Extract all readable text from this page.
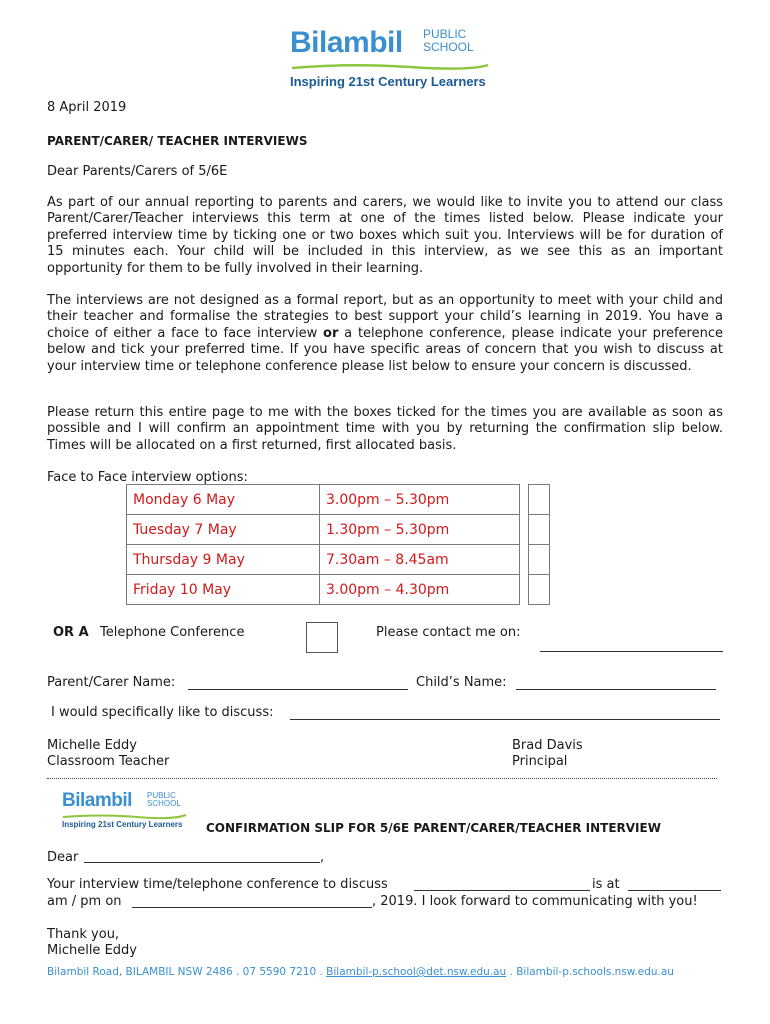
Bilambil PUBLIC
SCHOOL
Inspiring 21st Century Learners
8 April 2019
PARENT/CARER/ TEACHER INTERVIEWS
Dear Parents/Carers of 5/6E

As part of our annual reporting to parents and carers, we would like to invite you to attend our class Parent/Carer/Teacher interviews this term at one of the times listed below. Please indicate your preferred interview time by ticking one or two boxes which suit you. Interviews will be for duration of 15 minutes each. Your child will be included in this interview, as we see this as an important opportunity for them to be fully involved in their learning.

The interviews are not designed as a formal report, but as an opportunity to meet with your child and their teacher and formalise the strategies to best support your child’s learning in 2019. You have a choice of either a face to face interview or a telephone conference, please indicate your preference below and tick your preferred time. If you have specific areas of concern that you wish to discuss at your interview time or telephone conference please list below to ensure your concern is discussed.

Please return this entire page to me with the boxes ticked for the times you are available as soon as possible and I will confirm an appointment time with you by returning the confirmation slip below. Times will be allocated on a first returned, first allocated basis.

Face to Face interview options:
Monday 6 May	3.00pm – 5.30pm		
Tuesday 7 May	1.30pm – 5.30pm		
Thursday 9 May	7.30am – 8.45am		
Friday 10 May	3.00pm – 4.30pm		
OR A Telephone Conference	Please contact me on:
Parent/Carer Name:	Child’s Name:
I would specifically like to discuss:
Michelle Eddy
Classroom Teacher
Brad Davis
Principal
Bilambil PUBLIC
SCHOOL
Inspiring 21st Century Learners CONFIRMATION SLIP FOR 5/6E PARENT/CARER/TEACHER INTERVIEW
Dear	,
Your interview time/telephone conference to discuss	is at
am / pm on	, 2019. I look forward to communicating with you!
Thank you,
Michelle Eddy
Bilambil Road, BILAMBIL NSW 2486 . 07 5590 7210 . Bilambil-p.school@det.nsw.edu.au . Bilambil-p.schools.nsw.edu.au
